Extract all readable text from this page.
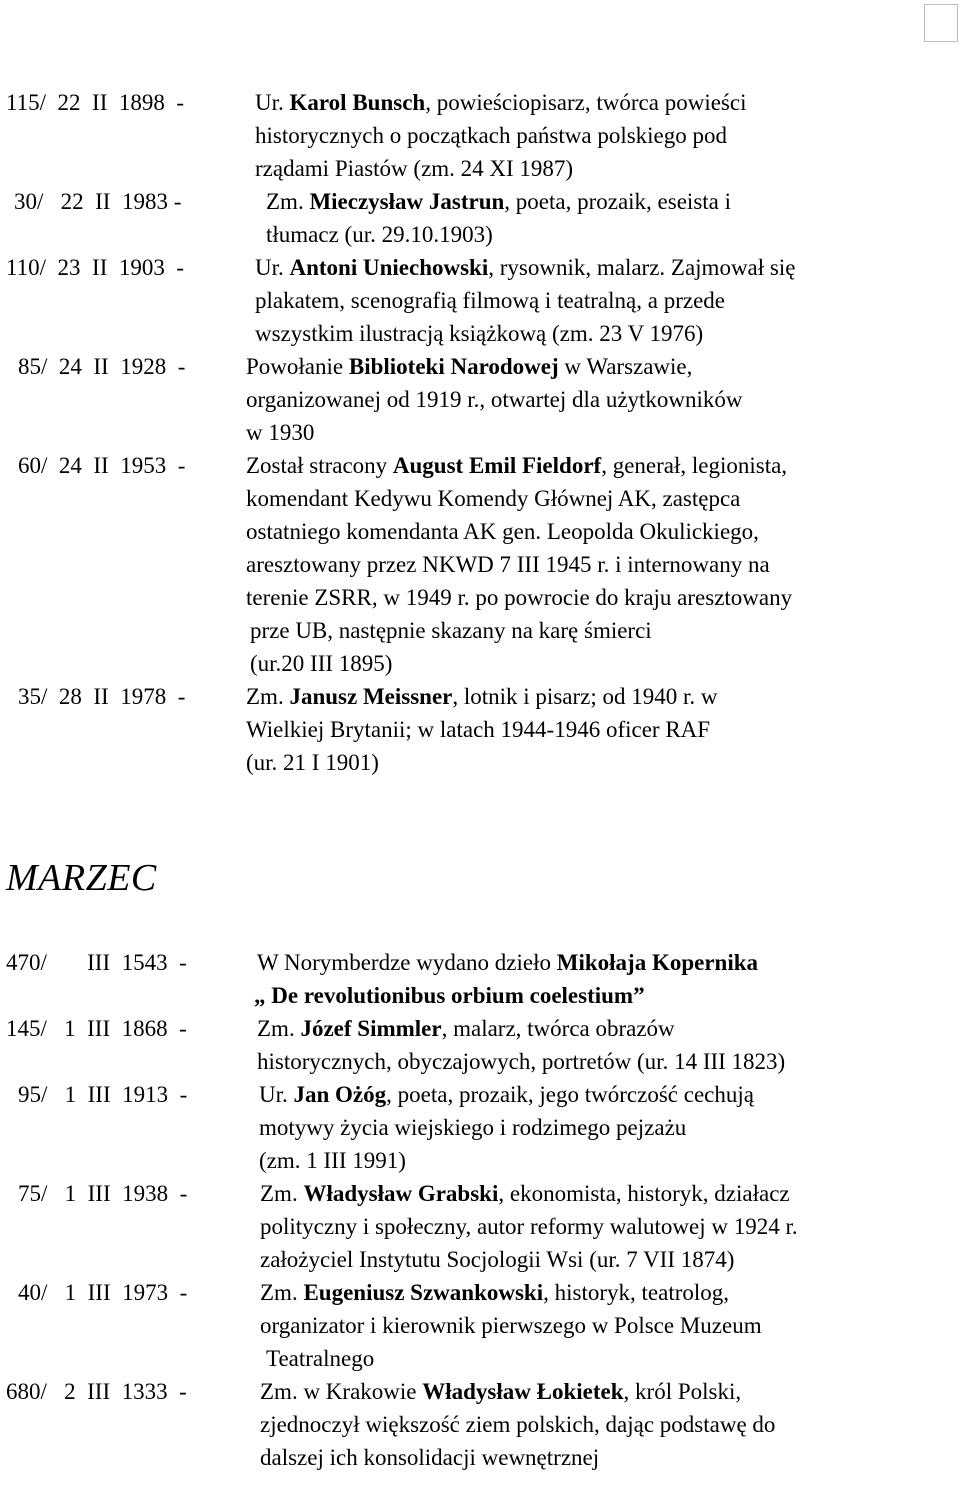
115/  22  II  1898  -	Ur. Karol Bunsch, powieściopisarz, twórca powieści
historycznych o początkach państwa polskiego pod
rządami Piastów (zm. 24 XI 1987)
30/   22  II  1983 -	Zm. Mieczysław Jastrun, poeta, prozaik, eseista i
tłumacz (ur. 29.10.1903)
110/  23  II  1903  -	Ur. Antoni Uniechowski, rysownik, malarz. Zajmował się
plakatem, scenografią filmową i teatralną, a przede
wszystkim ilustracją książkową (zm. 23 V 1976)
85/  24  II  1928  -	Powołanie Biblioteki Narodowej w Warszawie,
organizowanej od 1919 r., otwartej dla użytkowników
w 1930
60/  24  II  1953  -	Został stracony August Emil Fieldorf, generał, legionista,
komendant Kedywu Komendy Głównej AK, zastępca
ostatniego komendanta AK gen. Leopolda Okulickiego,
aresztowany przez NKWD 7 III 1945 r. i internowany na
terenie ZSRR, w 1949 r. po powrocie do kraju aresztowany
prze UB, następnie skazany na karę śmierci
(ur.20 III 1895)
35/  28  II  1978  -	Zm. Janusz Meissner, lotnik i pisarz; od 1940 r. w
Wielkiej Brytanii; w latach 1944-1946 oficer RAF
(ur. 21 I 1901)
MARZEC
470/       III  1543  -	W Norymberdze wydano dzieło Mikołaja Kopernika
„ De revolutionibus orbium coelestium”
145/   1  III  1868  -	Zm. Józef Simmler, malarz, twórca obrazów
historycznych, obyczajowych, portretów (ur. 14 III 1823)
95/   1  III  1913  -	Ur. Jan Ożóg, poeta, prozaik, jego twórczość cechują
motywy życia wiejskiego i rodzimego pejzażu
(zm. 1 III 1991)
75/   1  III  1938  -	Zm. Władysław Grabski, ekonomista, historyk, działacz
polityczny i społeczny, autor reformy walutowej w 1924 r.
założyciel Instytutu Socjologii Wsi (ur. 7 VII 1874)
40/   1  III  1973  -	Zm. Eugeniusz Szwankowski, historyk, teatrolog,
organizator i kierownik pierwszego w Polsce Muzeum
Teatralnego
680/   2  III  1333  -	Zm. w Krakowie Władysław Łokietek, król Polski,
zjednoczył większość ziem polskich, dając podstawę do
dalszej ich konsolidacji wewnętrznej
